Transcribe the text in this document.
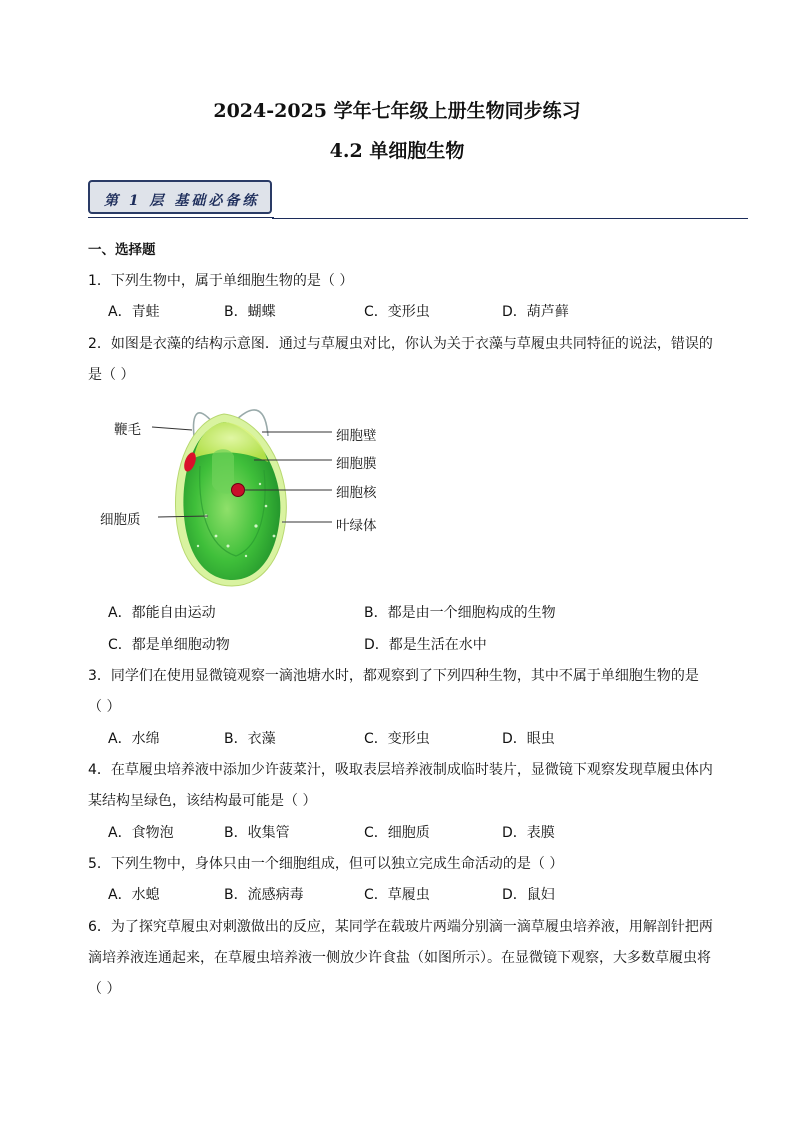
2024-2025 学年七年级上册生物同步练习
4.2 单细胞生物
第 1 层 基础必备练
一、选择题
1．下列生物中，属于单细胞生物的是（ ）
A．青蛙	B．蝴蝶	C．变形虫	D．葫芦藓
2．如图是衣藻的结构示意图．通过与草履虫对比，你认为关于衣藻与草履虫共同特征的说法，错误的
是（ ）
鞭毛	细胞壁
细胞膜
细胞核
细胞质	叶绿体
A．都能自由运动	B．都是由一个细胞构成的生物
C．都是单细胞动物	D．都是生活在水中
3．同学们在使用显微镜观察一滴池塘水时，都观察到了下列四种生物，其中不属于单细胞生物的是
（ ）
A．水绵	B．衣藻	C．变形虫	D．眼虫
4．在草履虫培养液中添加少许菠菜汁，吸取表层培养液制成临时装片，显微镜下观察发现草履虫体内
某结构呈绿色，该结构最可能是（ ）
A．食物泡	B．收集管	C．细胞质	D．表膜
5．下列生物中，身体只由一个细胞组成，但可以独立完成生命活动的是（ ）
A．水螅	B．流感病毒	C．草履虫	D．鼠妇
6．为了探究草履虫对刺激做出的反应，某同学在载玻片两端分别滴一滴草履虫培养液，用解剖针把两
滴培养液连通起来，在草履虫培养液一侧放少许食盐（如图所示）。在显微镜下观察，大多数草履虫将
（ ）
